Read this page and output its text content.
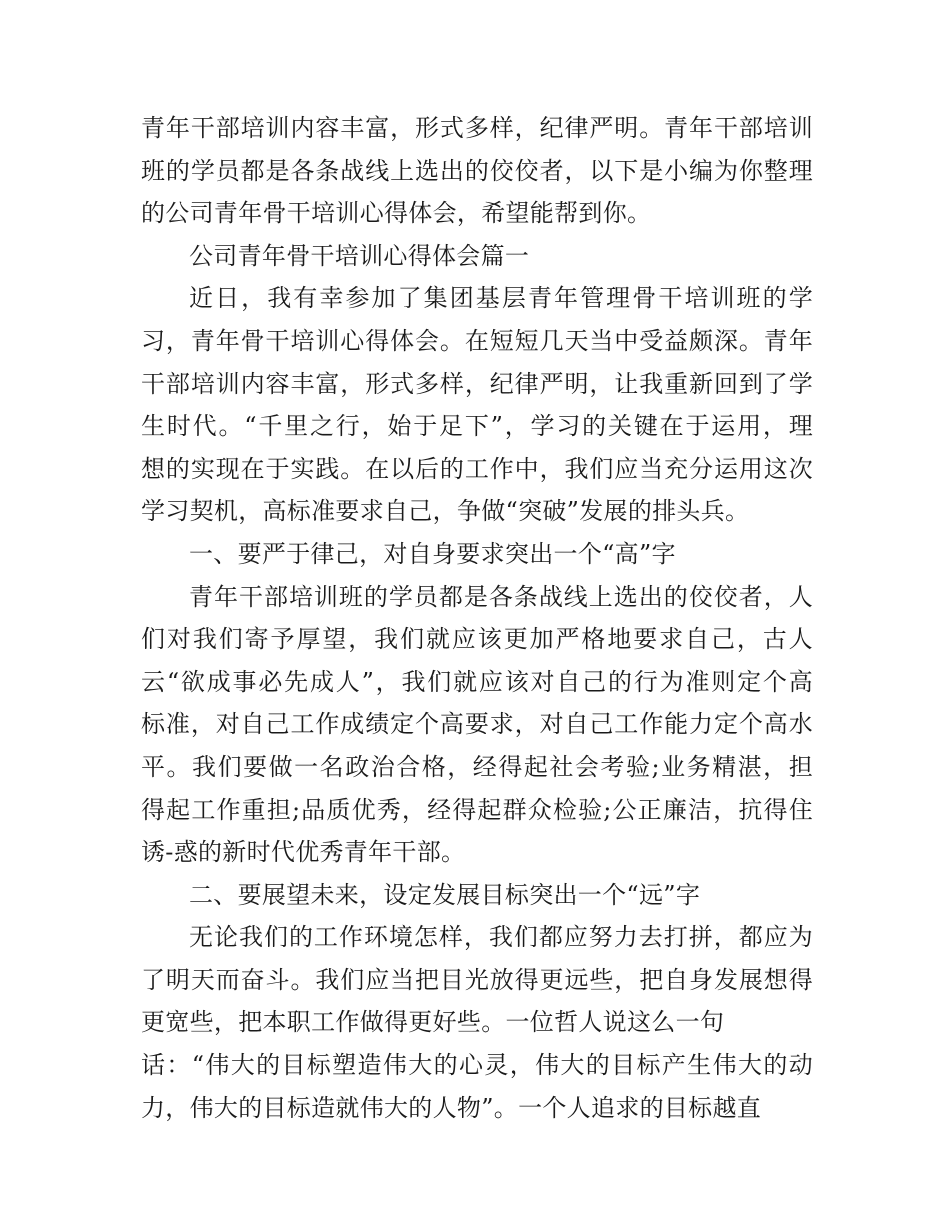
青年干部培训内容丰富，形式多样，纪律严明。青年干部培训
班的学员都是各条战线上选出的佼佼者，以下是小编为你整理
的公司青年骨干培训心得体会，希望能帮到你。
公司青年骨干培训心得体会篇一
近日，我有幸参加了集团基层青年管理骨干培训班的学
习，青年骨干培训心得体会。在短短几天当中受益颇深。青年
干部培训内容丰富，形式多样，纪律严明，让我重新回到了学
生时代。“千里之行，始于足下”，学习的关键在于运用，理
想的实现在于实践。在以后的工作中，我们应当充分运用这次
学习契机，高标准要求自己，争做“突破”发展的排头兵。
一、要严于律己，对自身要求突出一个“高”字
青年干部培训班的学员都是各条战线上选出的佼佼者，人
们对我们寄予厚望，我们就应该更加严格地要求自己，古人
云“欲成事必先成人”，我们就应该对自己的行为准则定个高
标准，对自己工作成绩定个高要求，对自己工作能力定个高水
平。我们要做一名政治合格，经得起社会考验;业务精湛，担
得起工作重担;品质优秀，经得起群众检验;公正廉洁，抗得住
诱-惑的新时代优秀青年干部。
二、要展望未来，设定发展目标突出一个“远”字
无论我们的工作环境怎样，我们都应努力去打拼，都应为
了明天而奋斗。我们应当把目光放得更远些，把自身发展想得
更宽些，把本职工作做得更好些。一位哲人说这么一句
话：“伟大的目标塑造伟大的心灵，伟大的目标产生伟大的动
力，伟大的目标造就伟大的人物”。一个人追求的目标越直
